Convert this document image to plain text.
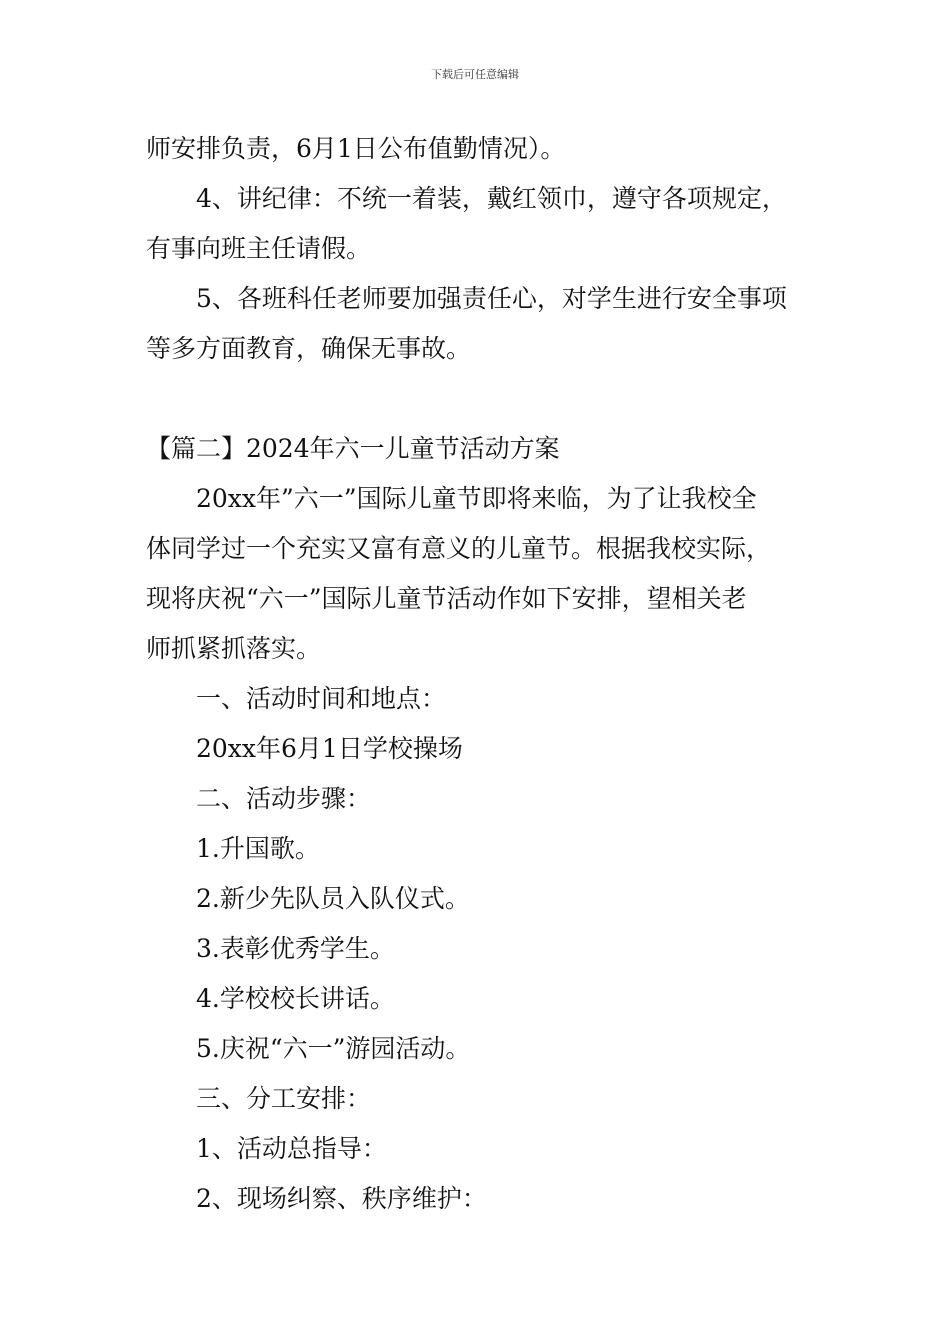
下载后可任意编辑
师安排负责，6月1日公布值勤情况）。
4、讲纪律：不统一着装，戴红领巾，遵守各项规定，
有事向班主任请假。
5、各班科任老师要加强责任心，对学生进行安全事项
等多方面教育，确保无事故。
【篇二】2024年六一儿童节活动方案
20xx年”六一”国际儿童节即将来临，为了让我校全
体同学过一个充实又富有意义的儿童节。根据我校实际，
现将庆祝“六一”国际儿童节活动作如下安排，望相关老
师抓紧抓落实。
一、活动时间和地点：
20xx年6月1日学校操场
二、活动步骤：
1.升国歌。
2.新少先队员入队仪式。
3.表彰优秀学生。
4.学校校长讲话。
5.庆祝“六一”游园活动。
三、分工安排：
1、活动总指导：
2、现场纠察、秩序维护：
